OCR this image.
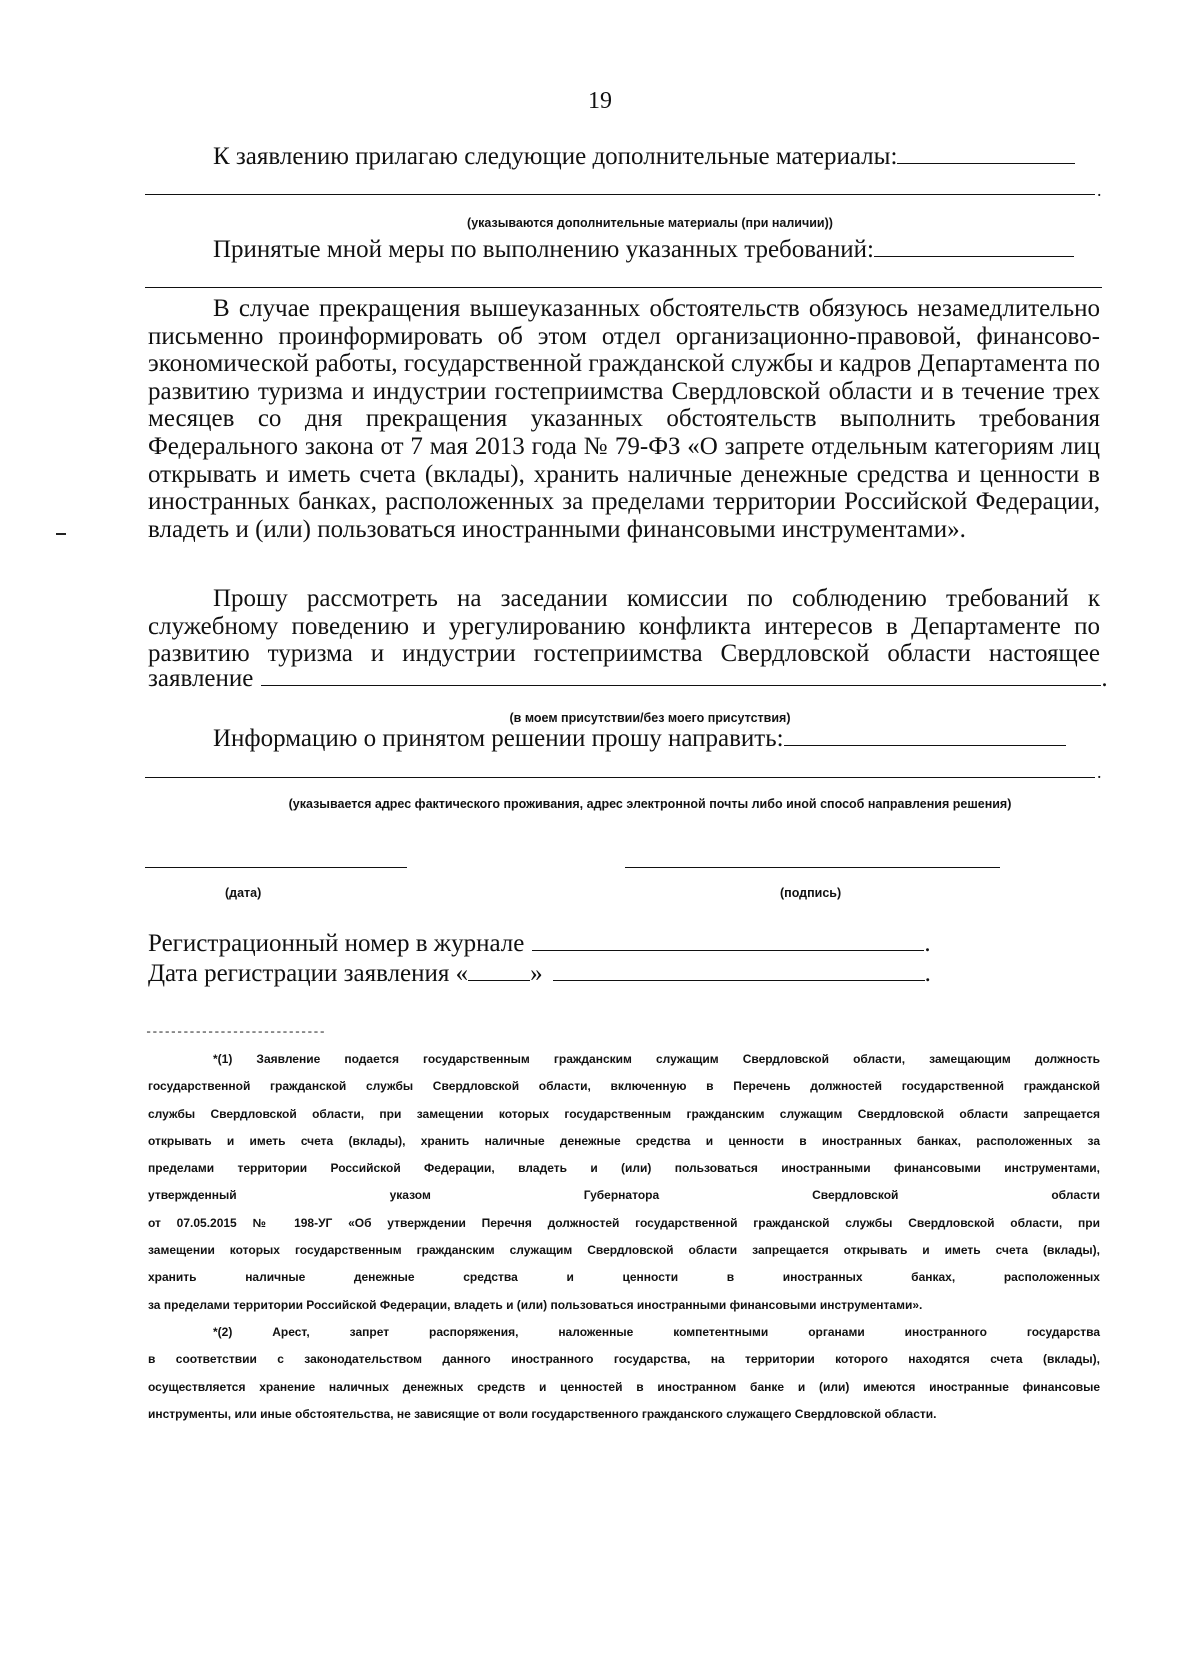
19
К заявлению прилагаю следующие дополнительные материалы:
.
(указываются дополнительные материалы (при наличии))
Принятые мной меры по выполнению указанных требований:

В случае прекращения вышеуказанных обстоятельств обязуюсь незамедлительно письменно проинформировать об этом отдел организационно-правовой, финансово-экономической работы, государственной гражданской службы и кадров Департамента по развитию туризма и индустрии гостеприимства Свердловской области и в течение трех месяцев со дня прекращения указанных обстоятельств выполнить требования Федерального закона от 7 мая 2013 года № 79-ФЗ «О запрете отдельным категориям лиц открывать и иметь счета (вклады), хранить наличные денежные средства и ценности в иностранных банках, расположенных за пределами территории Российской Федерации, владеть и (или) пользоваться иностранными финансовыми инструментами».

Прошу рассмотреть на заседании комиссии по соблюдению требований к служебному поведению и урегулированию конфликта интересов в Департаменте по развитию туризма и индустрии гостеприимства Свердловской области настоящее

заявление	.
(в моем присутствии/без моего присутствия)
Информацию о принятом решении прошу направить:
.
(указывается адрес фактического проживания, адрес электронной почты либо иной способ направления решения)
(дата)	(подпись)
Регистрационный номер в журнале	.
Дата регистрации заявления « »	.
-----------------------------
*(1) Заявление подается государственным гражданским служащим Свердловской области, замещающим должность
государственной гражданской службы Свердловской области, включенную в Перечень должностей государственной гражданской
службы Свердловской области, при замещении которых государственным гражданским служащим Свердловской области запрещается
открывать и иметь счета (вклады), хранить наличные денежные средства и ценности в иностранных банках, расположенных за
пределами территории Российской Федерации, владеть и (или) пользоваться иностранными финансовыми инструментами,
утвержденный	указом	Губернатора	Свердловской	области
от 07.05.2015 № 198-УГ «Об утверждении Перечня должностей государственной гражданской службы Свердловской области, при
замещении которых государственным гражданским служащим Свердловской области запрещается открывать и иметь счета (вклады),
хранить	наличные	денежные	средства	и	ценности	в	иностранных	банках,	расположенных
за пределами территории Российской Федерации, владеть и (или) пользоваться иностранными финансовыми инструментами».
*(2) Арест, запрет распоряжения, наложенные компетентными органами иностранного государства
в соответствии с законодательством данного иностранного государства, на территории которого находятся счета (вклады),
осуществляется хранение наличных денежных средств и ценностей в иностранном банке и (или) имеются иностранные финансовые
инструменты, или иные обстоятельства, не зависящие от воли государственного гражданского служащего Свердловской области.
